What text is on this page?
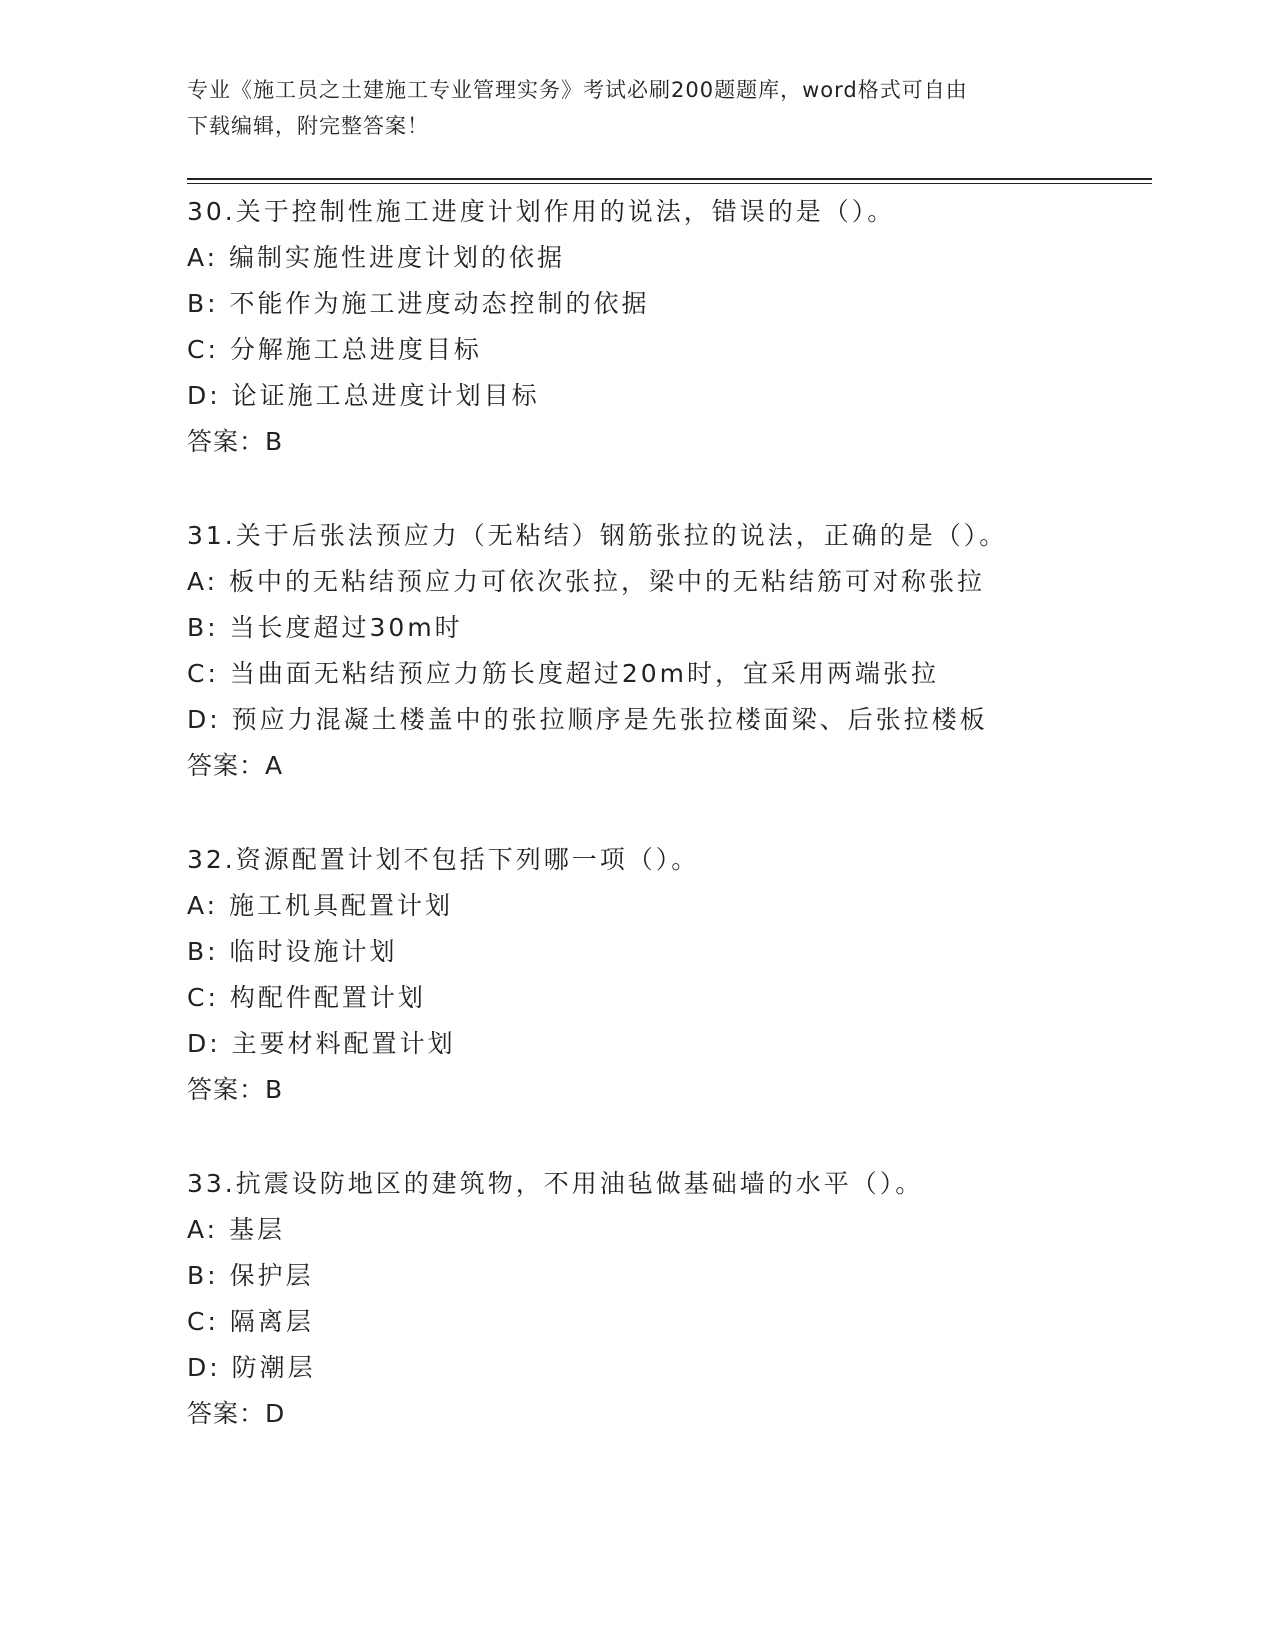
专业《施工员之土建施工专业管理实务》考试必刷200题题库，word格式可自由
下载编辑，附完整答案！
30.关于控制性施工进度计划作用的说法，错误的是（）。
A: 编制实施性进度计划的依据
B: 不能作为施工进度动态控制的依据
C: 分解施工总进度目标
D: 论证施工总进度计划目标
答案：B
31.关于后张法预应力（无粘结）钢筋张拉的说法，正确的是（）。
A: 板中的无粘结预应力可依次张拉，梁中的无粘结筋可对称张拉
B: 当长度超过30m时
C: 当曲面无粘结预应力筋长度超过20m时，宜采用两端张拉
D: 预应力混凝土楼盖中的张拉顺序是先张拉楼面梁、后张拉楼板
答案：A
32.资源配置计划不包括下列哪一项（）。
A: 施工机具配置计划
B: 临时设施计划
C: 构配件配置计划
D: 主要材料配置计划
答案：B
33.抗震设防地区的建筑物，不用油毡做基础墙的水平（）。
A: 基层
B: 保护层
C: 隔离层
D: 防潮层
答案：D
